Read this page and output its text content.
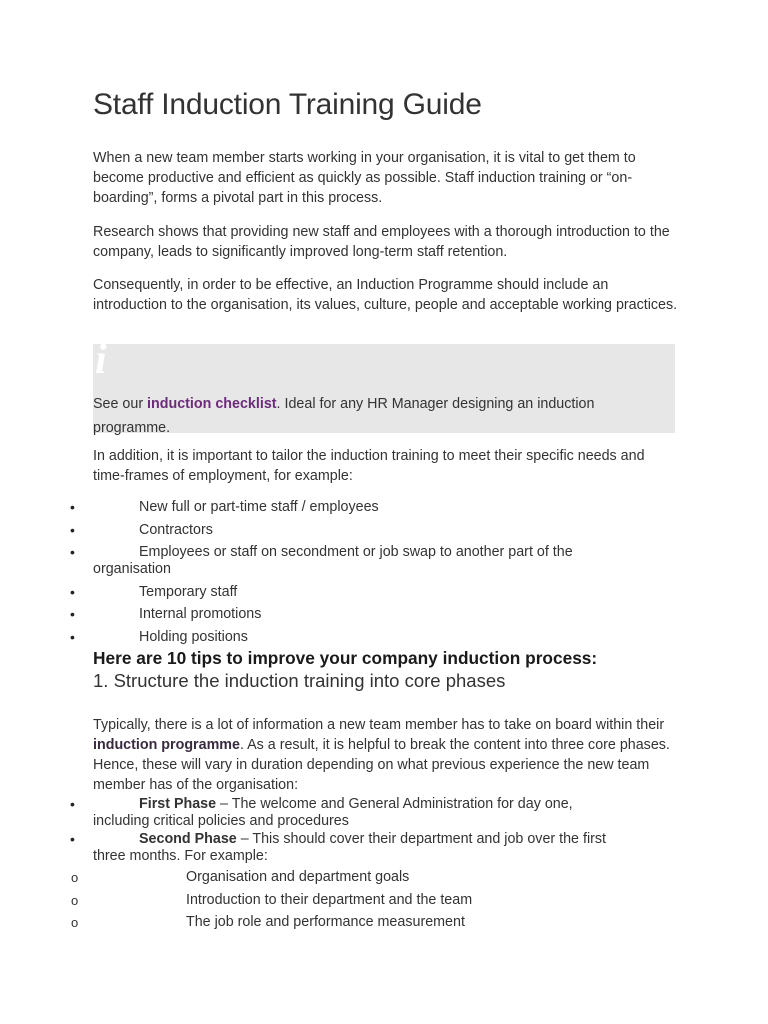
Staff Induction Training Guide

When a new team member starts working in your organisation, it is vital to get them to become productive and efficient as quickly as possible. Staff induction training or “on-boarding”, forms a pivotal part in this process.

Research shows that providing new staff and employees with a thorough introduction to the company, leads to significantly improved long-term staff retention.

Consequently, in order to be effective, an Induction Programme should include an introduction to the organisation, its values, culture, people and acceptable working practices.

i
See our induction checklist. Ideal for any HR Manager designing an induction programme.

In addition, it is important to tailor the induction training to meet their specific needs and time-frames of employment, for example:

•	New full or part-time staff / employees
•	Contractors
•	Employees or staff on secondment or job swap to another part of the
organisation
•	Temporary staff
•	Internal promotions
•	Holding positions
Here are 10 tips to improve your company induction process:
1. Structure the induction training into core phases

Typically, there is a lot of information a new team member has to take on board within their induction programme. As a result, it is helpful to break the content into three core phases. Hence, these will vary in duration depending on what previous experience the new team member has of the organisation:

•	First Phase – The welcome and General Administration for day one,
including critical policies and procedures
•	Second Phase – This should cover their department and job over the first
three months. For example:
o	Organisation and department goals
o	Introduction to their department and the team
o	The job role and performance measurement
